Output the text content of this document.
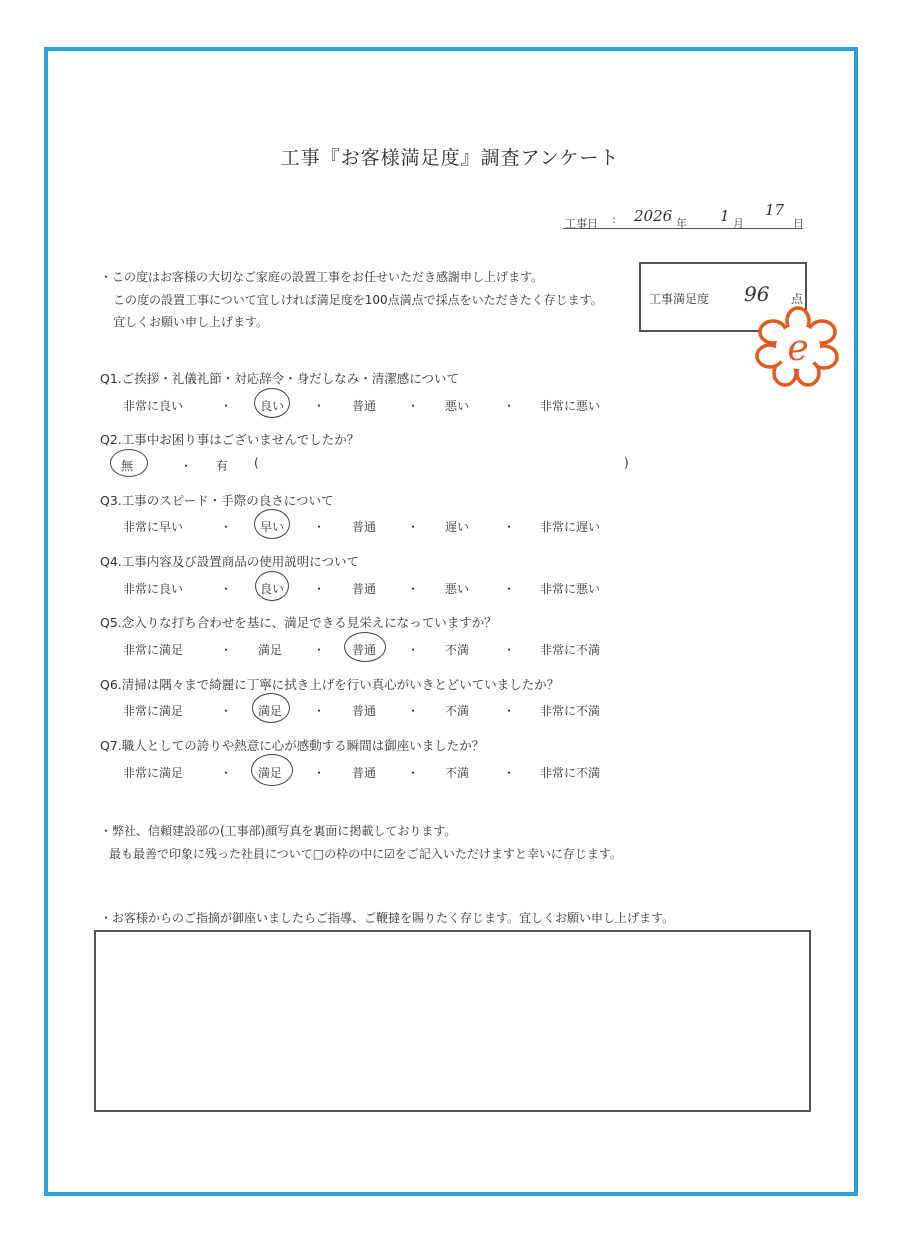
工事『お客様満足度』調査アンケート
工事日 : 2026 年 1 月
17
日
・この度はお客様の大切なご家庭の設置工事をお任せいただき感謝申し上げます。
この度の設置工事について宜しければ満足度を100点満点で採点をいただきたく存じます。
宜しくお願い申し上げます。
工事満足度 96 点
e
Q1.ご挨拶・礼儀礼節・対応辞令・身だしなみ・清潔感について
非常に良い	・ 良い ・ 普通	・ 悪い	・ 非常に悪い
Q2.工事中お困り事はございませんでしたか？
無	・ 有 (	)
Q3.工事のスピード・手際の良さについて
非常に早い	・ 早い ・ 普通	・ 遅い	・ 非常に遅い
Q4.工事内容及び設置商品の使用説明について
非常に良い	・ 良い ・ 普通	・ 悪い	・ 非常に悪い
Q5.念入りな打ち合わせを基に、満足できる見栄えになっていますか？
非常に満足	・ 満足	・ 普通	・ 不満	・ 非常に不満
Q6.清掃は隅々まで綺麗に丁寧に拭き上げを行い真心がいきとどいていましたか？
非常に満足	・ 満足	・ 普通	・ 不満	・ 非常に不満
Q7.職人としての誇りや熱意に心が感動する瞬間は御座いましたか？
非常に満足	・ 満足	・ 普通	・ 不満	・ 非常に不満
・弊社、信頼建設部の(工事部)顔写真を裏面に掲載しております。
最も最善で印象に残った社員について□の枠の中に☑をご記入いただけますと幸いに存じます。
・お客様からのご指摘が御座いましたらご指導、ご鞭撻を賜りたく存じます。宜しくお願い申し上げます。
